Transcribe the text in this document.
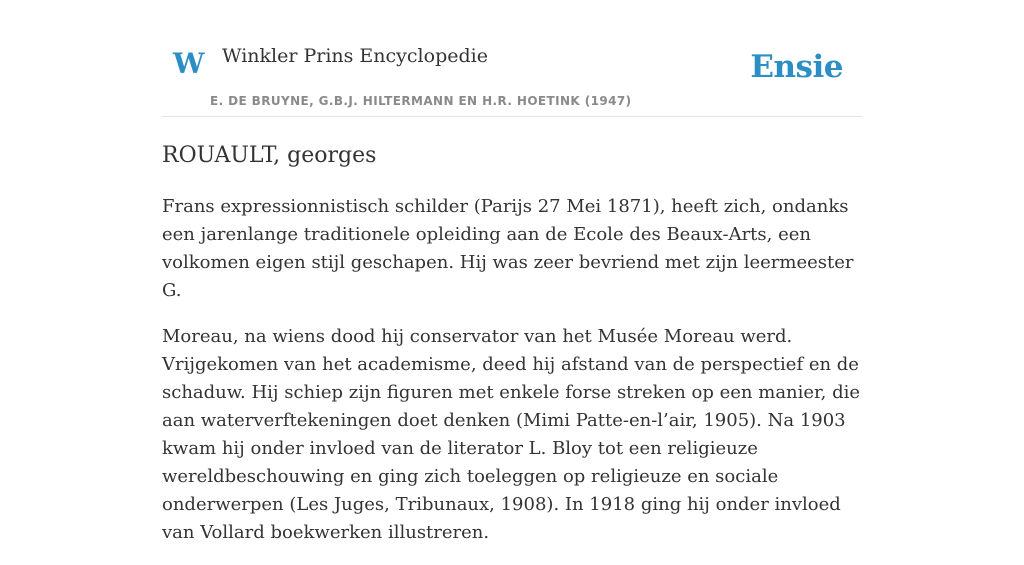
W Winkler Prins Encyclopedie
E. DE BRUYNE, G.B.J. HILTERMANN EN H.R. HOETINK (1947)
Ensie
ROUAULT, georges

Frans expressionnistisch schilder (Parijs 27 Mei 1871), heeft zich, ondanks een jarenlange traditionele opleiding aan de Ecole des Beaux-Arts, een volkomen eigen stijl geschapen. Hij was zeer bevriend met zijn leermeester G.

Moreau, na wiens dood hij conservator van het Musée Moreau werd. Vrijgekomen van het academisme, deed hij afstand van de perspectief en de schaduw. Hij schiep zijn figuren met enkele forse streken op een manier, die aan waterverftekeningen doet denken (Mimi Patte-en-l’air, 1905). Na 1903 kwam hij onder invloed van de literator L. Bloy tot een religieuze wereldbeschouwing en ging zich toeleggen op religieuze en sociale onderwerpen (Les Juges, Tribunaux, 1908). In 1918 ging hij onder invloed van Vollard boekwerken illustreren.
